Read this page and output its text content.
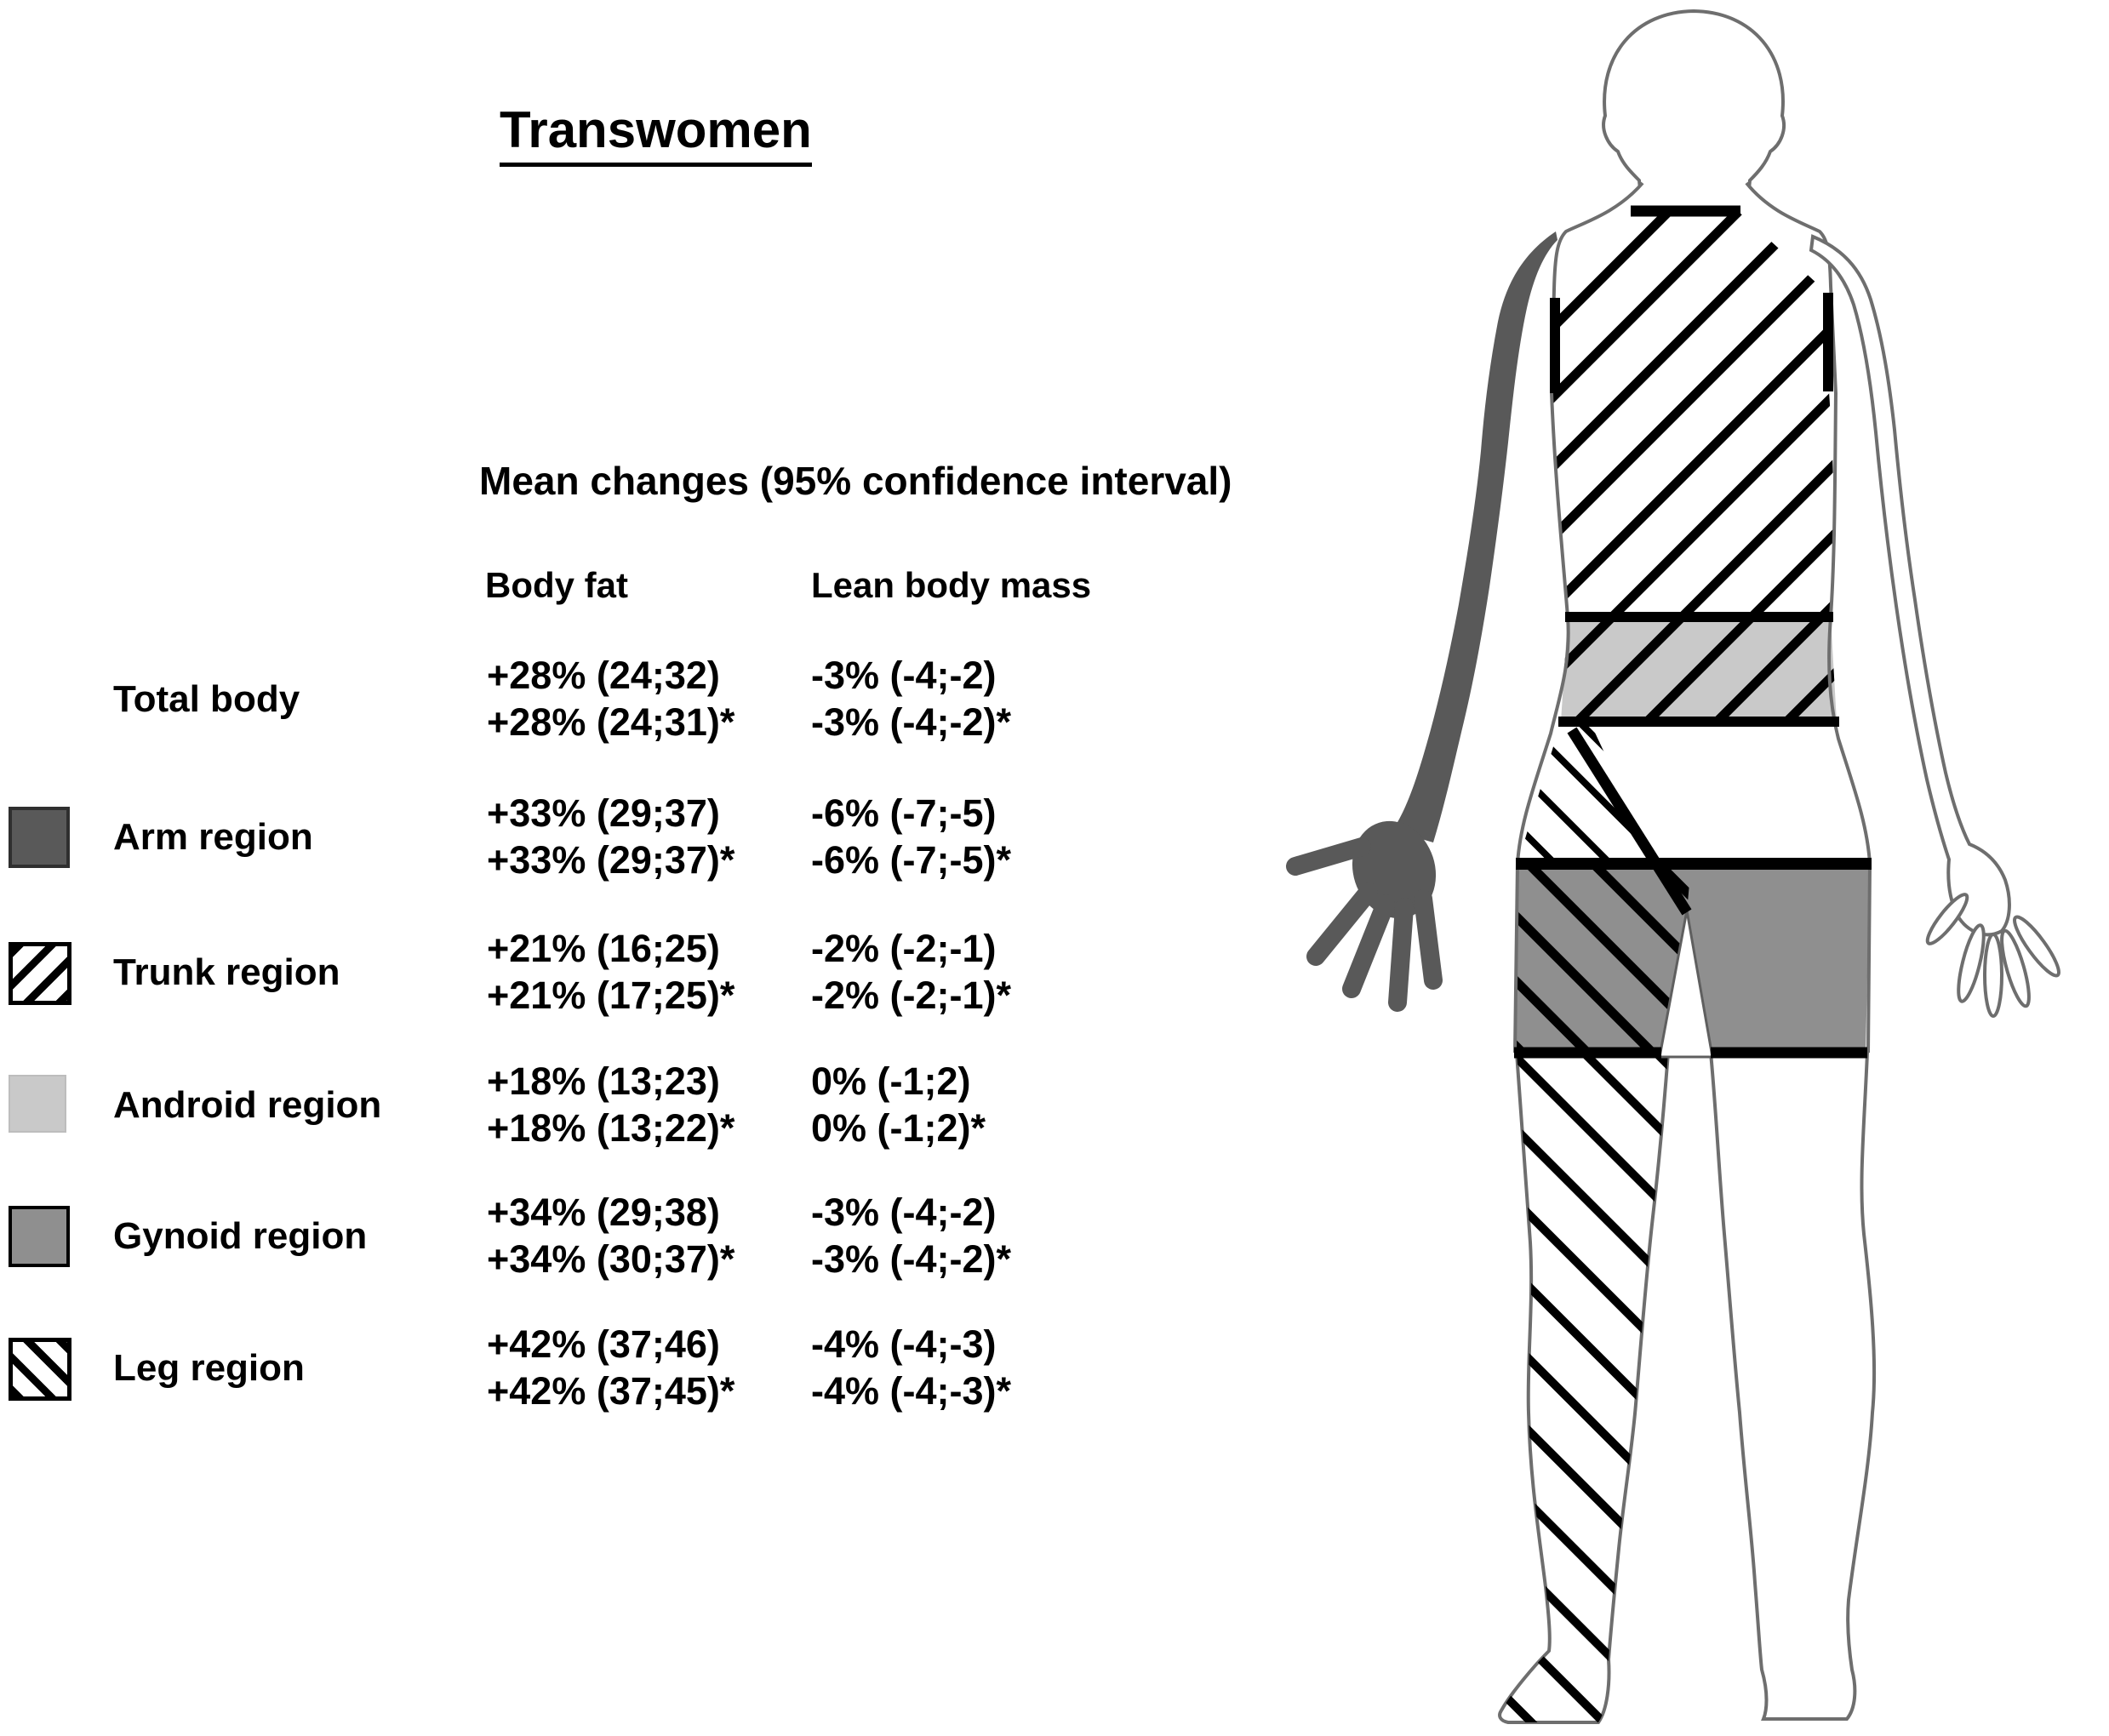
Transwomen
Mean changes (95% confidence interval)
Body fat	Lean body mass
Total body
+28% (24;32)
+28% (24;31)*
-3% (-4;-2)
-3% (-4;-2)*
Arm region
+33% (29;37)
+33% (29;37)*
-6% (-7;-5)
-6% (-7;-5)*
Trunk region
+21% (16;25)
+21% (17;25)*
-2% (-2;-1)
-2% (-2;-1)*
Android region
+18% (13;23)
+18% (13;22)*
0% (-1;2)
0% (-1;2)*
Gynoid region
+34% (29;38)
+34% (30;37)*
-3% (-4;-2)
-3% (-4;-2)*
Leg region
+42% (37;46)
+42% (37;45)*
-4% (-4;-3)
-4% (-4;-3)*
